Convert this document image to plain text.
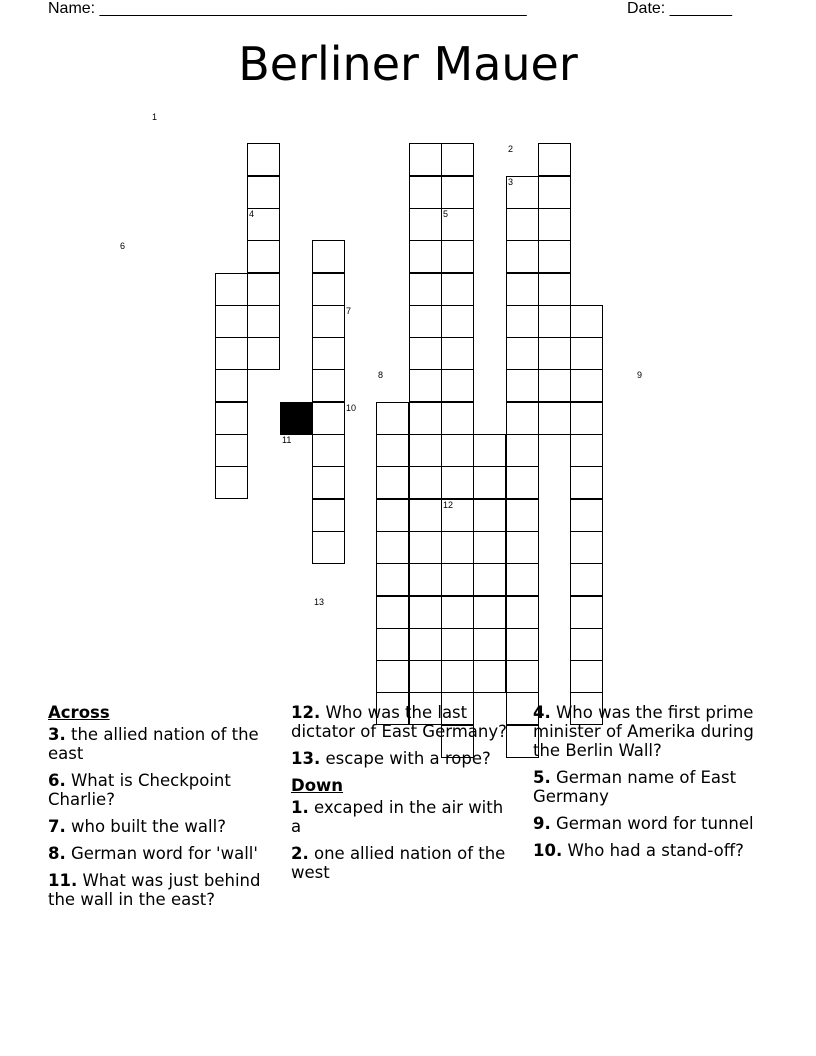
Name: ________________________________________________	Date: _______
Berliner Mauer
1
2
3
4	5
6
7
8	9
10
11
12
13
Across
3. the allied nation of the east
6. What is Checkpoint Charlie?
7. who built the wall?
8. German word for 'wall'
11. What was just behind the wall in the east?
12. Who was the last dictator of East Germany?
13. escape with a rope?
Down
1. excaped in the air with a
2. one allied nation of the west
4. Who was the first prime minister of Amerika during the Berlin Wall?
5. German name of East Germany
9. German word for tunnel
10. Who had a stand-off?
